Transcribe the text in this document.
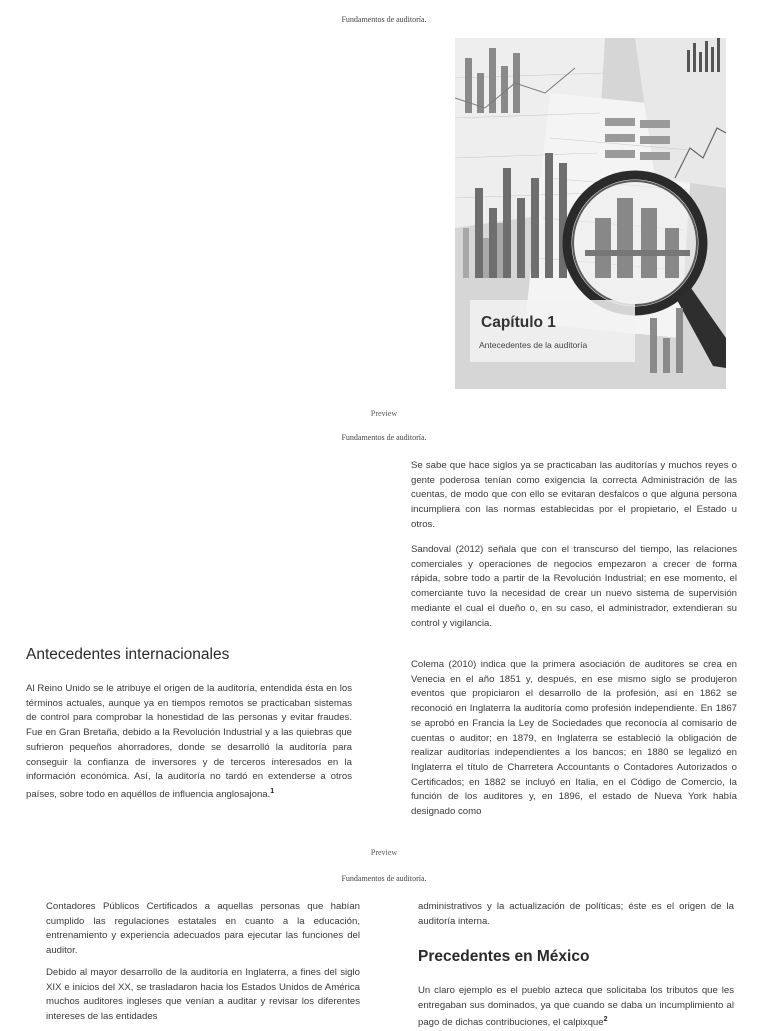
Fundamentos de auditoría.
Capítulo 1
Antecedentes de la auditoría
Preview
Fundamentos de auditoría.

Se sabe que hace siglos ya se practicaban las auditorías y muchos reyes o gente poderosa tenían como exigencia la correcta Administración de las cuentas, de modo que con ello se evitaran desfalcos o que alguna persona incumpliera con las normas establecidas por el propietario, el Estado u otros.

Sandoval (2012) señala que con el transcurso del tiempo, las relaciones comerciales y operaciones de negocios empezaron a crecer de forma rápida, sobre todo a partir de la Revolución Industrial; en ese momento, el comerciante tuvo la necesidad de crear un nuevo sistema de supervisión mediante el cual el dueño o, en su caso, el administrador, extendieran su control y vigilancia.

Antecedentes internacionales

Al Reino Unido se le atribuye el origen de la auditoría, entendida ésta en los términos actuales, aunque ya en tiempos remotos se practicaban sistemas de control para comprobar la honestidad de las personas y evitar fraudes. Fue en Gran Bretaña, debido a la Revolución Industrial y a las quiebras que sufrieron pequeños ahorradores, donde se desarrolló la auditoría para conseguir la confianza de inversores y de terceros interesados en la información económica. Así, la auditoría no tardó en extenderse a otros países, sobre todo en aquéllos de influencia anglosajona.$^1$

Colema (2010) indica que la primera asociación de auditores se crea en Venecia en el año 1851 y, después, en ese mismo siglo se produjeron eventos que propiciaron el desarrollo de la profesión, así en 1862 se reconoció en Inglaterra la auditoría como profesión independiente. En 1867 se aprobó en Francia la Ley de Sociedades que reconocía al comisario de cuentas o auditor; en 1879, en Inglaterra se estableció la obligación de realizar auditorías independientes a los bancos; en 1880 se legalizó en Inglaterra el título de Charretera Accountants o Contadores Autorizados o Certificados; en 1882 se incluyó en Italia, en el Código de Comercio, la función de los auditores y, en 1896, el estado de Nueva York había designado como

Preview
Fundamentos de auditoría.

Contadores Públicos Certificados a aquellas personas que habían cumplido las regulaciones estatales en cuanto a la educación, entrenamiento y experiencia adecuados para ejecutar las funciones del auditor.

Debido al mayor desarrollo de la auditoría en Inglaterra, a fines del siglo XIX e inicios del XX, se trasladaron hacia los Estados Unidos de América muchos auditores ingleses que venían a auditar y revisar los diferentes intereses de las entidades

administrativos y la actualización de políticas; éste es el origen de la auditoría interna.

Precedentes en México

Un claro ejemplo es el pueblo azteca que solicitaba los tributos que les entregaban sus dominados, ya que cuando se daba un incumplimiento al pago de dichas contribuciones, el calpixque$^2$
